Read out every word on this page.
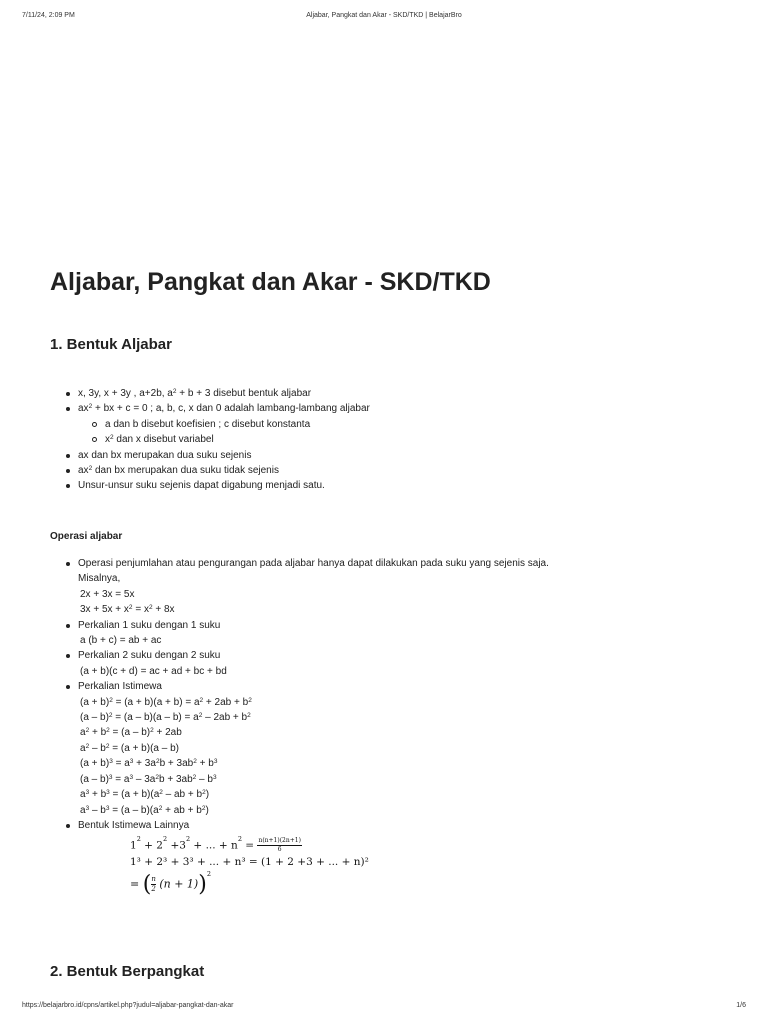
7/11/24, 2:09 PM	Aljabar, Pangkat dan Akar - SKD/TKD | BelajarBro
Aljabar, Pangkat dan Akar - SKD/TKD
1. Bentuk Aljabar
x, 3y, x + 3y , a+2b, $a^2 + b + 3$ disebut bentuk aljabar
$ax^2$ + bx + c = 0 ; a, b, c, x dan 0 adalah lambang-lambang aljabar
a dan b disebut koefisien ; c disebut konstanta
$x^2$ dan x disebut variabel
ax dan bx merupakan dua suku sejenis
$ax^2$ dan bx merupakan dua suku tidak sejenis
Unsur-unsur suku sejenis dapat digabung menjadi satu.
Operasi aljabar
Operasi penjumlahan atau pengurangan pada aljabar hanya dapat dilakukan pada suku yang sejenis saja.
Misalnya,
2x + 3x = 5x
$3x + 5x + x^2 = x^2 + 8x$
Perkalian 1 suku dengan 1 suku
a (b + c) = ab + ac
Perkalian 2 suku dengan 2 suku
(a + b)(c + d) = ac + ad + bc + bd
Perkalian Istimewa
$(a + b)^2 = (a + b)(a + b) = a^2 + 2ab + b^2$
$(a - b)^2 = (a - b)(a - b) = a^2 - 2ab + b^2$
$a^2 + b^2 = (a - b)^2 + 2ab$
$a^2 - b^2 = (a + b)(a - b)$
$(a + b)^3 = a^3 + 3a^2b + 3ab^2 + b^3$
$(a - b)^3 = a^3 - 3a^2b + 3ab^2 - b^3$
$a^3 + b^3 = (a + b)(a^2$ – ab + $b^2$)
$a^3 - b^3 = (a - b)(a^2$ + ab + $b^2$)
Bentuk Istimewa Lainnya
$1^2 + 2^2 +3^2$ + ... + $n^2 = \frac{n(n+1)(2n+1)}{6}$
1³ + 2³ + 3³ + ... + n³ = (1 + 2 +3 + ... + n)²
= ( $\frac{n}{2} (n + 1))^2$
2. Bentuk Berpangkat
https://belajarbro.id/cpns/artikel.php?judul=aljabar-pangkat-dan-akar	1/6
